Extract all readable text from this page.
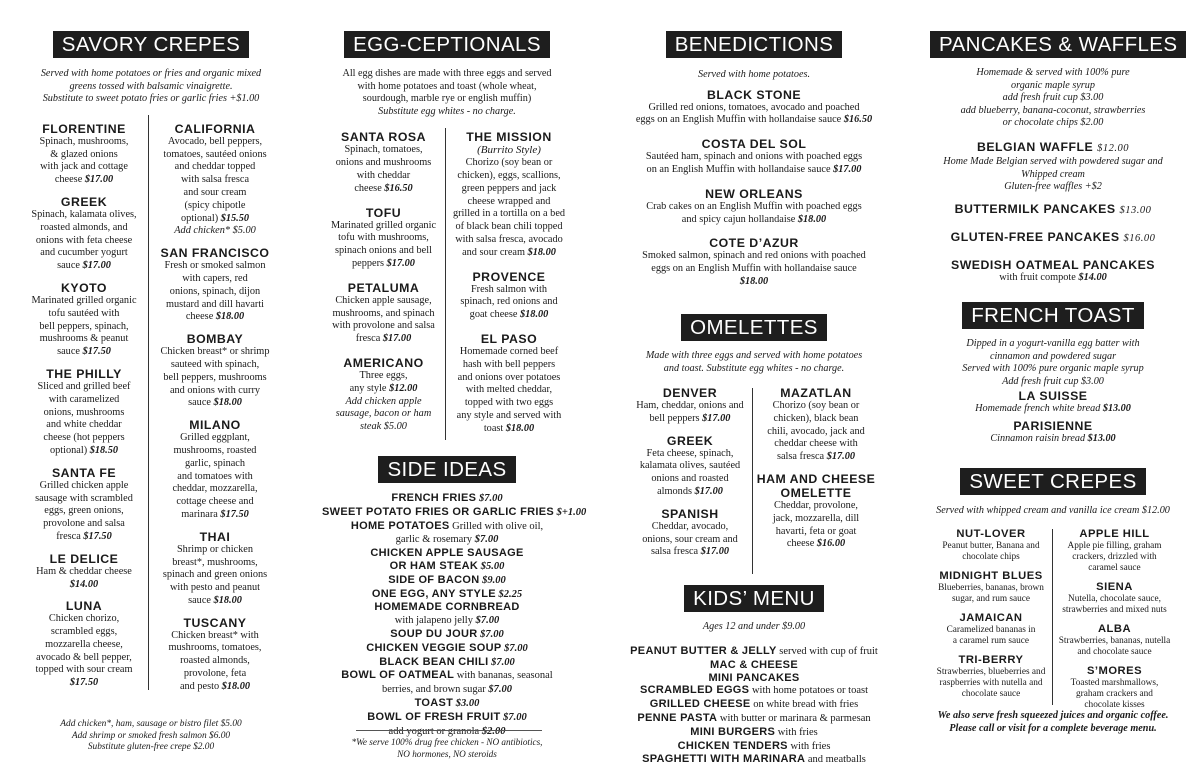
SAVORY CREPES
Served with home potatoes or fries and organic mixed
greens tossed with balsamic vinaigrette.
Substitute to sweet potato fries or garlic fries +$1.00
FLORENTINE
Spinach, mushrooms,
& glazed onions
with jack and cottage
cheese $17.00
GREEK
Spinach, kalamata olives,
roasted almonds, and
onions with feta cheese
and cucumber yogurt
sauce $17.00
KYOTO
Marinated grilled organic
tofu sautéed with
bell peppers, spinach,
mushrooms & peanut
sauce $17.50
THE PHILLY
Sliced and grilled beef
with caramelized
onions, mushrooms
and white cheddar
cheese (hot peppers
optional) $18.50
SANTA FE
Grilled chicken apple
sausage with scrambled
eggs, green onions,
provolone and salsa
fresca $17.50
LE DELICE
Ham & cheddar cheese
$14.00
LUNA
Chicken chorizo,
scrambled eggs,
mozzarella cheese,
avocado & bell pepper,
topped with sour cream
$17.50
CALIFORNIA
Avocado, bell peppers,
tomatoes, sautéed onions
and cheddar topped
with salsa fresca
and sour cream
(spicy chipotle
optional) $15.50
Add chicken* $5.00
SAN FRANCISCO
Fresh or smoked salmon
with capers, red
onions, spinach, dijon
mustard and dill havarti
cheese $18.00
BOMBAY
Chicken breast* or shrimp
sauteed with spinach,
bell peppers, mushrooms
and onions with curry
sauce $18.00
MILANO
Grilled eggplant,
mushrooms, roasted
garlic, spinach
and tomatoes with
cheddar, mozzarella,
cottage cheese and
marinara $17.50
THAI
Shrimp or chicken
breast*, mushrooms,
spinach and green onions
with pesto and peanut
sauce $18.00
TUSCANY
Chicken breast* with
mushrooms, tomatoes,
roasted almonds,
provolone, feta
and pesto $18.00
Add chicken*, ham, sausage or bistro filet $5.00
Add shrimp or smoked fresh salmon $6.00
Substitute gluten-free crepe $2.00
EGG-CEPTIONALS
All egg dishes are made with three eggs and served
with home potatoes and toast (whole wheat,
sourdough, marble rye or english muffin)
Substitute egg whites - no charge.
SANTA ROSA
Spinach, tomatoes,
onions and mushrooms
with cheddar
cheese $16.50
TOFU
Marinated grilled organic
tofu with mushrooms,
spinach onions and bell
peppers $17.00
PETALUMA
Chicken apple sausage,
mushrooms, and spinach
with provolone and salsa
fresca $17.00
AMERICANO
Three eggs,
any style $12.00
Add chicken apple
sausage, bacon or ham
steak $5.00
THE MISSION
(Burrito Style)
Chorizo (soy bean or
chicken), eggs, scallions,
green peppers and jack
cheese wrapped and
grilled in a tortilla on a bed
of black bean chili topped
with salsa fresca, avocado
and sour cream $18.00
PROVENCE
Fresh salmon with
spinach, red onions and
goat cheese $18.00
EL PASO
Homemade corned beef
hash with bell peppers
and onions over potatoes
with melted cheddar,
topped with two eggs
any style and served with
toast $18.00
SIDE IDEAS
FRENCH FRIES $7.00
SWEET POTATO FRIES OR GARLIC FRIES $+1.00
HOME POTATOES Grilled with olive oil,
garlic & rosemary $7.00
CHICKEN APPLE SAUSAGE
OR HAM STEAK $5.00
SIDE OF BACON $9.00
ONE EGG, ANY STYLE $2.25
HOMEMADE CORNBREAD
with jalapeno jelly $7.00
SOUP DU JOUR $7.00
CHICKEN VEGGIE SOUP $7.00
BLACK BEAN CHILI $7.00
BOWL OF OATMEAL with bananas, seasonal
berries, and brown sugar $7.00
TOAST $3.00
BOWL OF FRESH FRUIT $7.00
add yogurt or granola $2.00
*We serve 100% drug free chicken - NO antibiotics,
NO hormones, NO steroids
BENEDICTIONS
Served with home potatoes.
BLACK STONE
Grilled red onions, tomatoes, avocado and poached
eggs on an English Muffin with hollandaise sauce $16.50
COSTA DEL SOL
Sautéed ham, spinach and onions with poached eggs
on an English Muffin with hollandaise sauce $17.00
NEW ORLEANS
Crab cakes on an English Muffin with poached eggs
and spicy cajun hollandaise $18.00
COTE D’AZUR
Smoked salmon, spinach and red onions with poached
eggs on an English Muffin with hollandaise sauce
$18.00
OMELETTES
Made with three eggs and served with home potatoes
and toast. Substitute egg whites - no charge.
DENVER
Ham, cheddar, onions and
bell peppers $17.00
GREEK
Feta cheese, spinach,
kalamata olives, sautéed
onions and roasted
almonds $17.00
SPANISH
Cheddar, avocado,
onions, sour cream and
salsa fresca $17.00
MAZATLAN
Chorizo (soy bean or
chicken), black bean
chili, avocado, jack and
cheddar cheese with
salsa fresca $17.00
HAM AND CHEESE OMELETTE
Cheddar, provolone,
jack, mozzarella, dill
havarti, feta or goat
cheese $16.00
KIDS’ MENU
Ages 12 and under $9.00
PEANUT BUTTER & JELLY served with cup of fruit
MAC & CHEESE
MINI PANCAKES
SCRAMBLED EGGS with home potatoes or toast
GRILLED CHEESE on white bread with fries
PENNE PASTA with butter or marinara & parmesan
MINI BURGERS with fries
CHICKEN TENDERS with fries
SPAGHETTI WITH MARINARA and meatballs
PANCAKES & WAFFLES
Homemade & served with 100% pure
organic maple syrup
add fresh fruit cup $3.00
add blueberry, banana-coconut, strawberries
or chocolate chips $2.00
BELGIAN WAFFLE $12.00
Home Made Belgian served with powdered sugar and
Whipped cream
Gluten-free waffles +$2
BUTTERMILK PANCAKES $13.00
GLUTEN-FREE PANCAKES $16.00
SWEDISH OATMEAL PANCAKES
with fruit compote $14.00
FRENCH TOAST
Dipped in a yogurt-vanilla egg batter with
cinnamon and powdered sugar
Served with 100% pure organic maple syrup
Add fresh fruit cup $3.00
LA SUISSE
Homemade french white bread $13.00
PARISIENNE
Cinnamon raisin bread $13.00
SWEET CREPES
Served with whipped cream and vanilla ice cream $12.00
NUT-LOVER
Peanut butter, Banana and
chocolate chips
MIDNIGHT BLUES
Blueberries, bananas, brown
sugar, and rum sauce
JAMAICAN
Caramelized bananas in
a caramel rum sauce
TRI-BERRY
Strawberries, blueberries and
raspberries with nutella and
chocolate sauce
APPLE HILL
Apple pie filling, graham
crackers, drizzled with
caramel sauce
SIENA
Nutella, chocolate sauce,
strawberries and mixed nuts
ALBA
Strawberries, bananas, nutella
and chocolate sauce
S’MORES
Toasted marshmallows,
graham crackers and
chocolate kisses
We also serve fresh squeezed juices and organic coffee.
Please call or visit for a complete beverage menu.
